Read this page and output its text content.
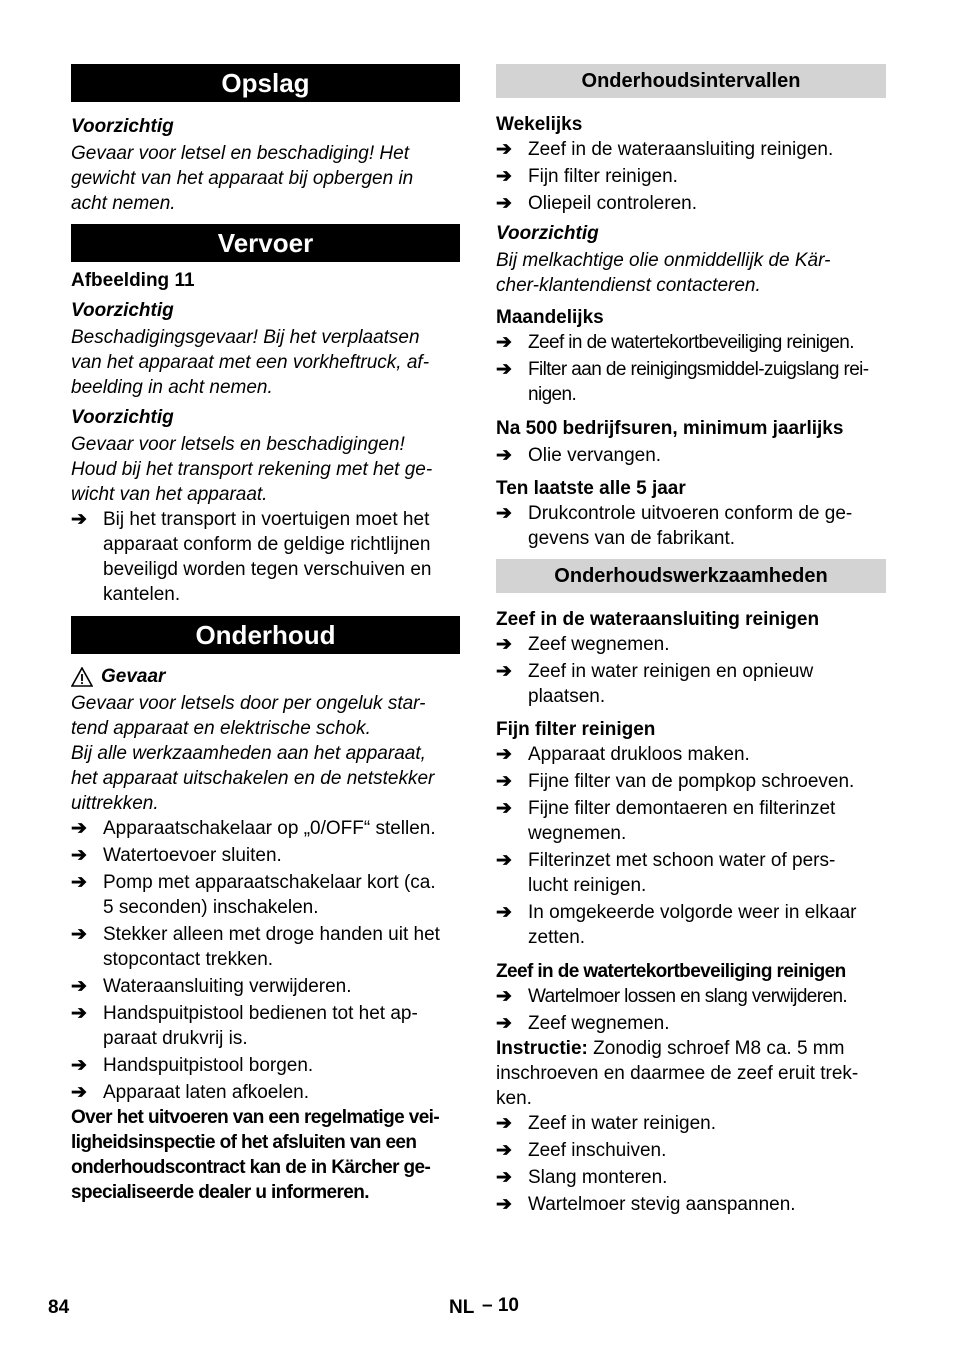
Opslag
Voorzichtig
Gevaar voor letsel en beschadiging! Het
gewicht van het apparaat bij opbergen in
acht nemen.
Vervoer
Afbeelding 11
Voorzichtig
Beschadigingsgevaar! Bij het verplaatsen
van het apparaat met een vorkheftruck, af-
beelding in acht nemen.
Voorzichtig
Gevaar voor letsels en beschadigingen!
Houd bij het transport rekening met het ge-
wicht van het apparaat.
➔ Bij het transport in voertuigen moet het
apparaat conform de geldige richtlijnen
beveiligd worden tegen verschuiven en
kantelen.
Onderhoud
Gevaar
Gevaar voor letsels door per ongeluk star-
tend apparaat en elektrische schok.
Bij alle werkzaamheden aan het apparaat,
het apparaat uitschakelen en de netstekker
uittrekken.
➔ Apparaatschakelaar op „0/OFF“ stellen.
➔ Watertoevoer sluiten.
➔ Pomp met apparaatschakelaar kort (ca.
5 seconden) inschakelen.
➔ Stekker alleen met droge handen uit het
stopcontact trekken.
➔ Wateraansluiting verwijderen.
➔ Handspuitpistool bedienen tot het ap-
paraat drukvrij is.
➔ Handspuitpistool borgen.
➔ Apparaat laten afkoelen.
Over het uitvoeren van een regelmatige vei-
ligheidsinspectie of het afsluiten van een
onderhoudscontract kan de in Kärcher ge-
specialiseerde dealer u informeren.
Onderhoudsintervallen
Wekelijks
➔ Zeef in de wateraansluiting reinigen.
➔ Fijn filter reinigen.
➔ Oliepeil controleren.
Voorzichtig
Bij melkachtige olie onmiddellijk de Kär-
cher-klantendienst contacteren.
Maandelijks
➔ Zeef in de watertekortbeveiliging reinigen.
➔ Filter aan de reinigingsmiddel-zuigslang rei-
nigen.
Na 500 bedrijfsuren, minimum jaarlijks
➔ Olie vervangen.
Ten laatste alle 5 jaar
➔ Drukcontrole uitvoeren conform de ge-
gevens van de fabrikant.
Onderhoudswerkzaamheden
Zeef in de wateraansluiting reinigen
➔ Zeef wegnemen.
➔ Zeef in water reinigen en opnieuw
plaatsen.
Fijn filter reinigen
➔ Apparaat drukloos maken.
➔ Fijne filter van de pompkop schroeven.
➔ Fijne filter demontaeren en filterinzet
wegnemen.
➔ Filterinzet met schoon water of pers-
lucht reinigen.
➔ In omgekeerde volgorde weer in elkaar
zetten.
Zeef in de watertekortbeveiliging reinigen
➔ Wartelmoer lossen en slang verwijderen.
➔ Zeef wegnemen.
Instructie: Zonodig schroef M8 ca. 5 mm
inschroeven en daarmee de zeef eruit trek-
ken.
➔ Zeef in water reinigen.
➔ Zeef inschuiven.
➔ Slang monteren.
➔ Wartelmoer stevig aanspannen.
84	NL – 10
